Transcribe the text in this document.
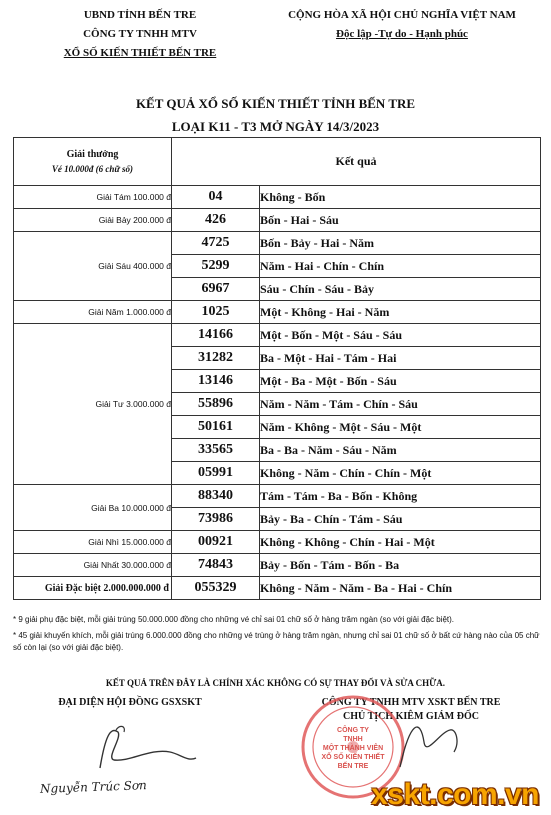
UBND TỈNH BẾN TRE
CÔNG TY TNHH MTV
XỔ SỐ KIẾN THIẾT BẾN TRE
CỘNG HÒA XÃ HỘI CHỦ NGHĨA VIỆT NAM
Độc lập -Tự do - Hạnh phúc
KẾT QUẢ XỔ SỐ KIẾN THIẾT TỈNH BẾN TRE
LOẠI K11 - T3 MỞ NGÀY 14/3/2023
Giải thưởng
Vé 10.000đ (6 chữ số)	Kết quả	
Giải Tám 100.000 đ	04	Không - Bốn
Giải Bảy 200.000 đ	426	Bốn - Hai - Sáu
Giải Sáu 400.000 đ	4725	Bốn - Bảy - Hai - Năm
	5299	Năm - Hai - Chín - Chín
	6967	Sáu - Chín - Sáu - Bảy
Giải Năm 1.000.000 đ	1025	Một - Không - Hai - Năm
Giải Tư 3.000.000 đ	14166	Một - Bốn - Một - Sáu - Sáu
	31282	Ba - Một - Hai - Tám - Hai
	13146	Một - Ba - Một - Bốn - Sáu
	55896	Năm - Năm - Tám - Chín - Sáu
	50161	Năm - Không - Một - Sáu - Một
	33565	Ba - Ba - Năm - Sáu - Năm
	05991	Không - Năm - Chín - Chín - Một
Giải Ba 10.000.000 đ	88340	Tám - Tám - Ba - Bốn - Không
	73986	Bảy - Ba - Chín - Tám - Sáu
Giải Nhì 15.000.000 đ	00921	Không - Không - Chín - Hai - Một
Giải Nhất 30.000.000 đ	74843	Bảy - Bốn - Tám - Bốn - Ba
Giải Đặc biệt 2.000.000.000 đ	055329	Không - Năm - Năm - Ba - Hai - Chín

* 9 giải phụ đặc biệt, mỗi giải trúng 50.000.000 đồng cho những vé chỉ sai 01 chữ số ở hàng trăm ngàn (so với giải đặc biệt).

* 45 giải khuyến khích, mỗi giải trúng 6.000.000 đồng cho những vé trùng ở hàng trăm ngàn, nhưng chỉ sai 01 chữ số ở bất cứ hàng nào của 05 chữ số còn lại (so với giải đặc biệt).

KẾT QUẢ TRÊN ĐÂY LÀ CHÍNH XÁC KHÔNG CÓ SỰ THAY ĐỔI VÀ SỬA CHỮA.
ĐẠI DIỆN HỘI ĐỒNG GSXSKT
Nguyễn Trúc Sơn
CÔNG TY TNHH MTV XSKT BẾN TRE
CHỦ TỊCH KIÊM GIÁM ĐỐC
CÔNG TY
TNHH
MỘT THÀNH VIÊN
XỔ SỐ KIẾN THIẾT
BẾN TRE
xskt.com.vn
